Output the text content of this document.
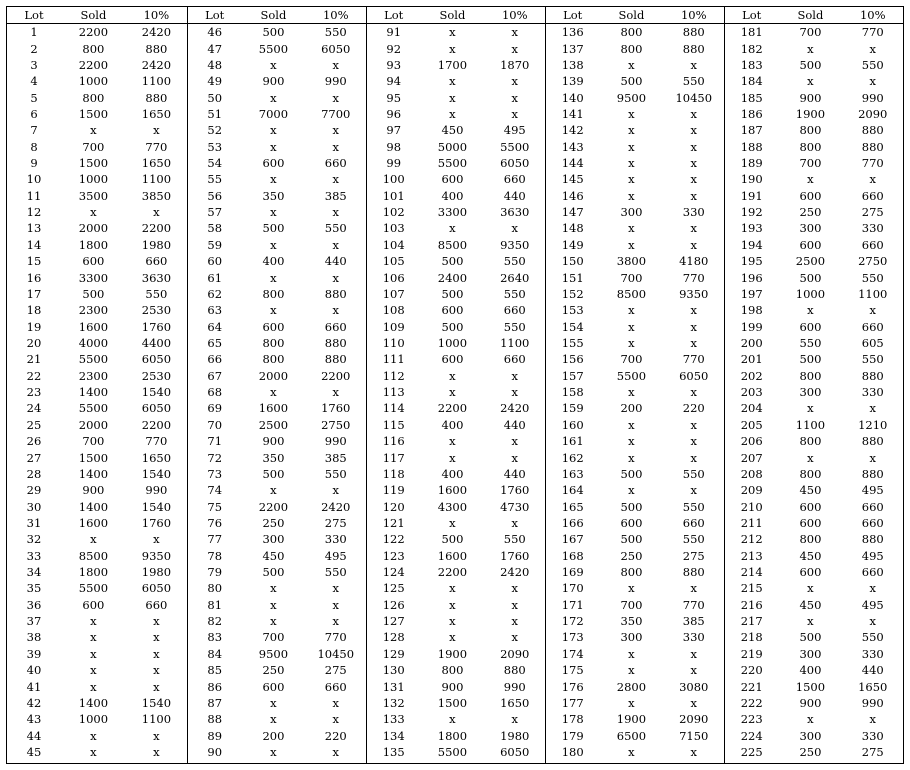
Lot	Sold	10%
1	2200	2420
2	800	880
3	2200	2420
4	1000	1100
5	800	880
6	1500	1650
7	x	x
8	700	770
9	1500	1650
10	1000	1100
11	3500	3850
12	x	x
13	2000	2200
14	1800	1980
15	600	660
16	3300	3630
17	500	550
18	2300	2530
19	1600	1760
20	4000	4400
21	5500	6050
22	2300	2530
23	1400	1540
24	5500	6050
25	2000	2200
26	700	770
27	1500	1650
28	1400	1540
29	900	990
30	1400	1540
31	1600	1760
32	x	x
33	8500	9350
34	1800	1980
35	5500	6050
36	600	660
37	x	x
38	x	x
39	x	x
40	x	x
41	x	x
42	1400	1540
43	1000	1100
44	x	x
45	x	x
Lot	Sold	10%
46	500	550
47	5500	6050
48	x	x
49	900	990
50	x	x
51	7000	7700
52	x	x
53	x	x
54	600	660
55	x	x
56	350	385
57	x	x
58	500	550
59	x	x
60	400	440
61	x	x
62	800	880
63	x	x
64	600	660
65	800	880
66	800	880
67	2000	2200
68	x	x
69	1600	1760
70	2500	2750
71	900	990
72	350	385
73	500	550
74	x	x
75	2200	2420
76	250	275
77	300	330
78	450	495
79	500	550
80	x	x
81	x	x
82	x	x
83	700	770
84	9500	10450
85	250	275
86	600	660
87	x	x
88	x	x
89	200	220
90	x	x
Lot	Sold	10%
91	x	x
92	x	x
93	1700	1870
94	x	x
95	x	x
96	x	x
97	450	495
98	5000	5500
99	5500	6050
100	600	660
101	400	440
102	3300	3630
103	x	x
104	8500	9350
105	500	550
106	2400	2640
107	500	550
108	600	660
109	500	550
110	1000	1100
111	600	660
112	x	x
113	x	x
114	2200	2420
115	400	440
116	x	x
117	x	x
118	400	440
119	1600	1760
120	4300	4730
121	x	x
122	500	550
123	1600	1760
124	2200	2420
125	x	x
126	x	x
127	x	x
128	x	x
129	1900	2090
130	800	880
131	900	990
132	1500	1650
133	x	x
134	1800	1980
135	5500	6050
Lot	Sold	10%
136	800	880
137	800	880
138	x	x
139	500	550
140	9500	10450
141	x	x
142	x	x
143	x	x
144	x	x
145	x	x
146	x	x
147	300	330
148	x	x
149	x	x
150	3800	4180
151	700	770
152	8500	9350
153	x	x
154	x	x
155	x	x
156	700	770
157	5500	6050
158	x	x
159	200	220
160	x	x
161	x	x
162	x	x
163	500	550
164	x	x
165	500	550
166	600	660
167	500	550
168	250	275
169	800	880
170	x	x
171	700	770
172	350	385
173	300	330
174	x	x
175	x	x
176	2800	3080
177	x	x
178	1900	2090
179	6500	7150
180	x	x
Lot	Sold	10%
181	700	770
182	x	x
183	500	550
184	x	x
185	900	990
186	1900	2090
187	800	880
188	800	880
189	700	770
190	x	x
191	600	660
192	250	275
193	300	330
194	600	660
195	2500	2750
196	500	550
197	1000	1100
198	x	x
199	600	660
200	550	605
201	500	550
202	800	880
203	300	330
204	x	x
205	1100	1210
206	800	880
207	x	x
208	800	880
209	450	495
210	600	660
211	600	660
212	800	880
213	450	495
214	600	660
215	x	x
216	450	495
217	x	x
218	500	550
219	300	330
220	400	440
221	1500	1650
222	900	990
223	x	x
224	300	330
225	250	275
